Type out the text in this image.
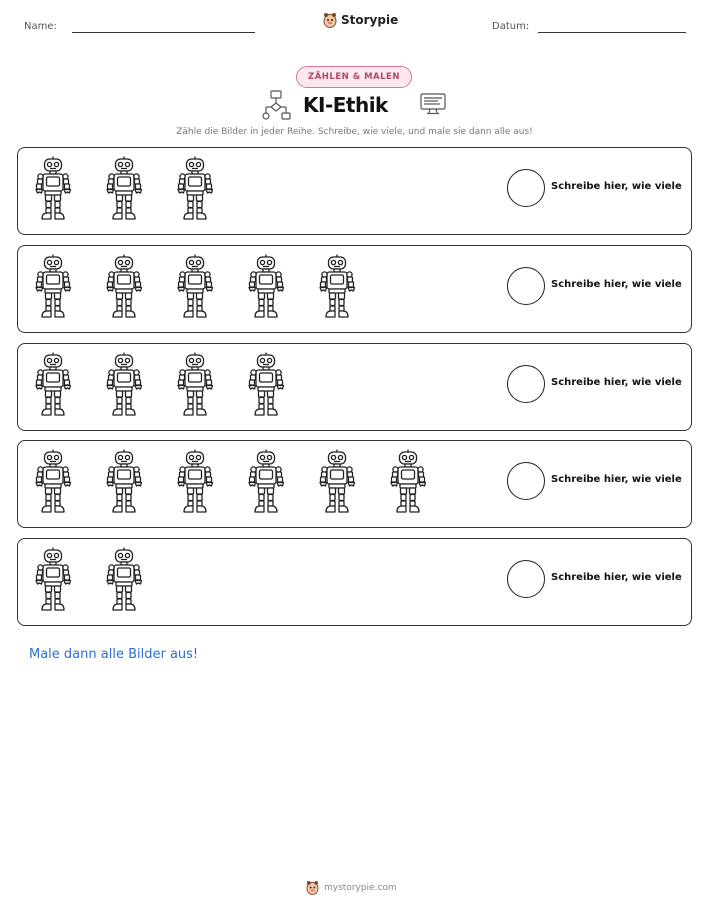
Name:	Storypie	Datum:
ZÄHLEN & MALEN
KI-Ethik
Zähle die Bilder in jeder Reihe. Schreibe, wie viele, und male sie dann alle aus!
Schreibe hier, wie viele
Schreibe hier, wie viele
Schreibe hier, wie viele
Schreibe hier, wie viele
Schreibe hier, wie viele
Male dann alle Bilder aus!
mystorypie.com
